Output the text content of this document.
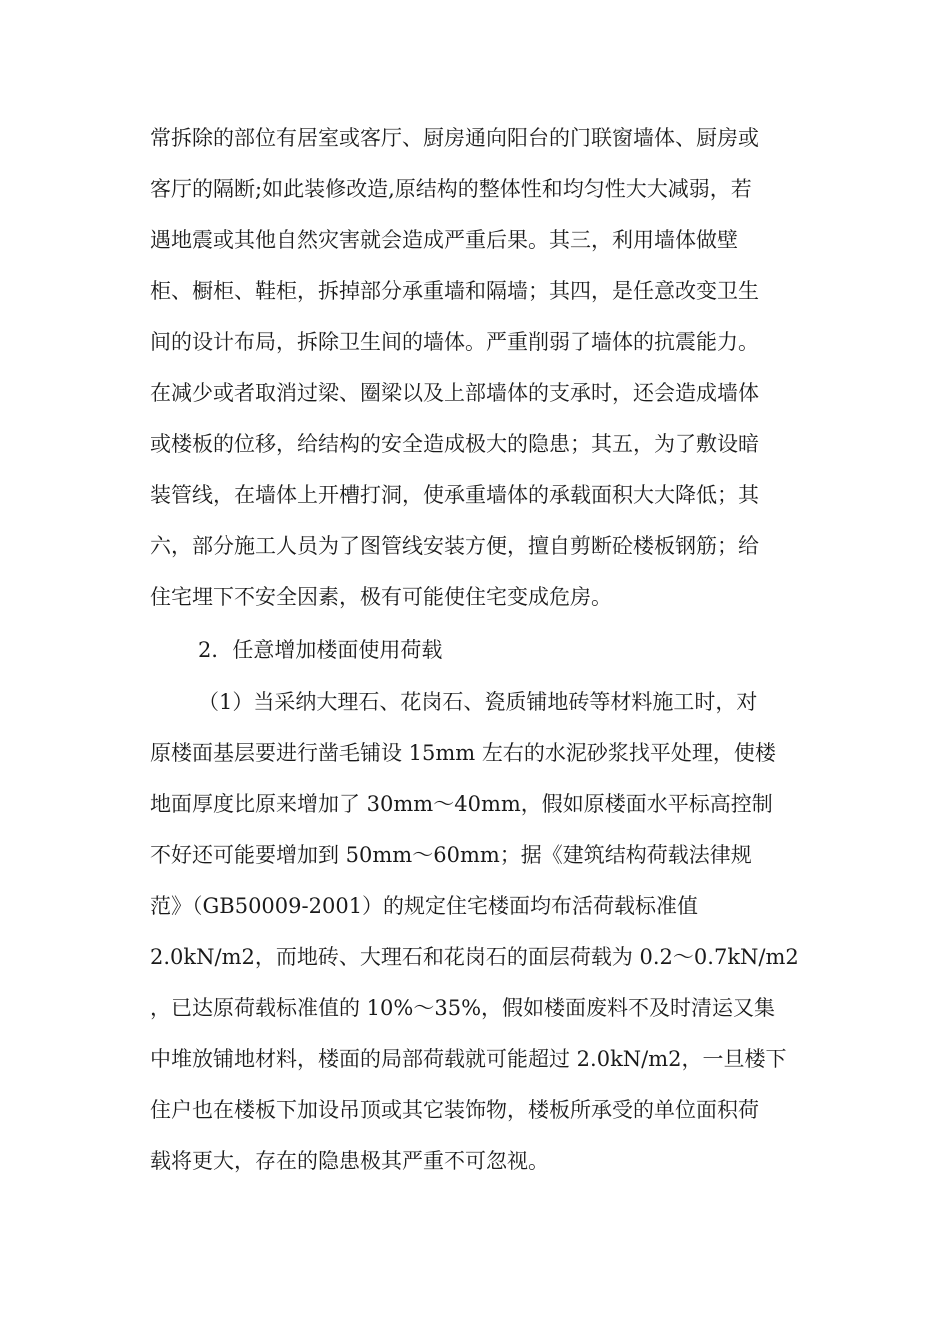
常拆除的部位有居室或客厅、厨房通向阳台的门联窗墙体、厨房或
客厅的隔断;如此装修改造,原结构的整体性和均匀性大大减弱，若
遇地震或其他自然灾害就会造成严重后果。其三，利用墙体做壁
柜、橱柜、鞋柜，拆掉部分承重墙和隔墙；其四，是任意改变卫生
间的设计布局，拆除卫生间的墙体。严重削弱了墙体的抗震能力。
在减少或者取消过梁、圈梁以及上部墙体的支承时，还会造成墙体
或楼板的位移，给结构的安全造成极大的隐患；其五，为了敷设暗
装管线，在墙体上开槽打洞，使承重墙体的承载面积大大降低；其
六，部分施工人员为了图管线安装方便，擅自剪断砼楼板钢筋；给
住宅埋下不安全因素，极有可能使住宅变成危房。
2．任意增加楼面使用荷载
（1）当采纳大理石、花岗石、瓷质铺地砖等材料施工时，对
原楼面基层要进行凿毛铺设 15mm 左右的水泥砂浆找平处理，使楼
地面厚度比原来增加了 30mm～40mm，假如原楼面水平标高控制
不好还可能要增加到 50mm～60mm；据《建筑结构荷载法律规
范》（GB50009-2001）的规定住宅楼面均布活荷载标准值
2.0kN/m2，而地砖、大理石和花岗石的面层荷载为 0.2～0.7kN/m2
，已达原荷载标准值的 10%～35%，假如楼面废料不及时清运又集
中堆放铺地材料，楼面的局部荷载就可能超过 2.0kN/m2，一旦楼下
住户也在楼板下加设吊顶或其它装饰物，楼板所承受的单位面积荷
载将更大，存在的隐患极其严重不可忽视。
